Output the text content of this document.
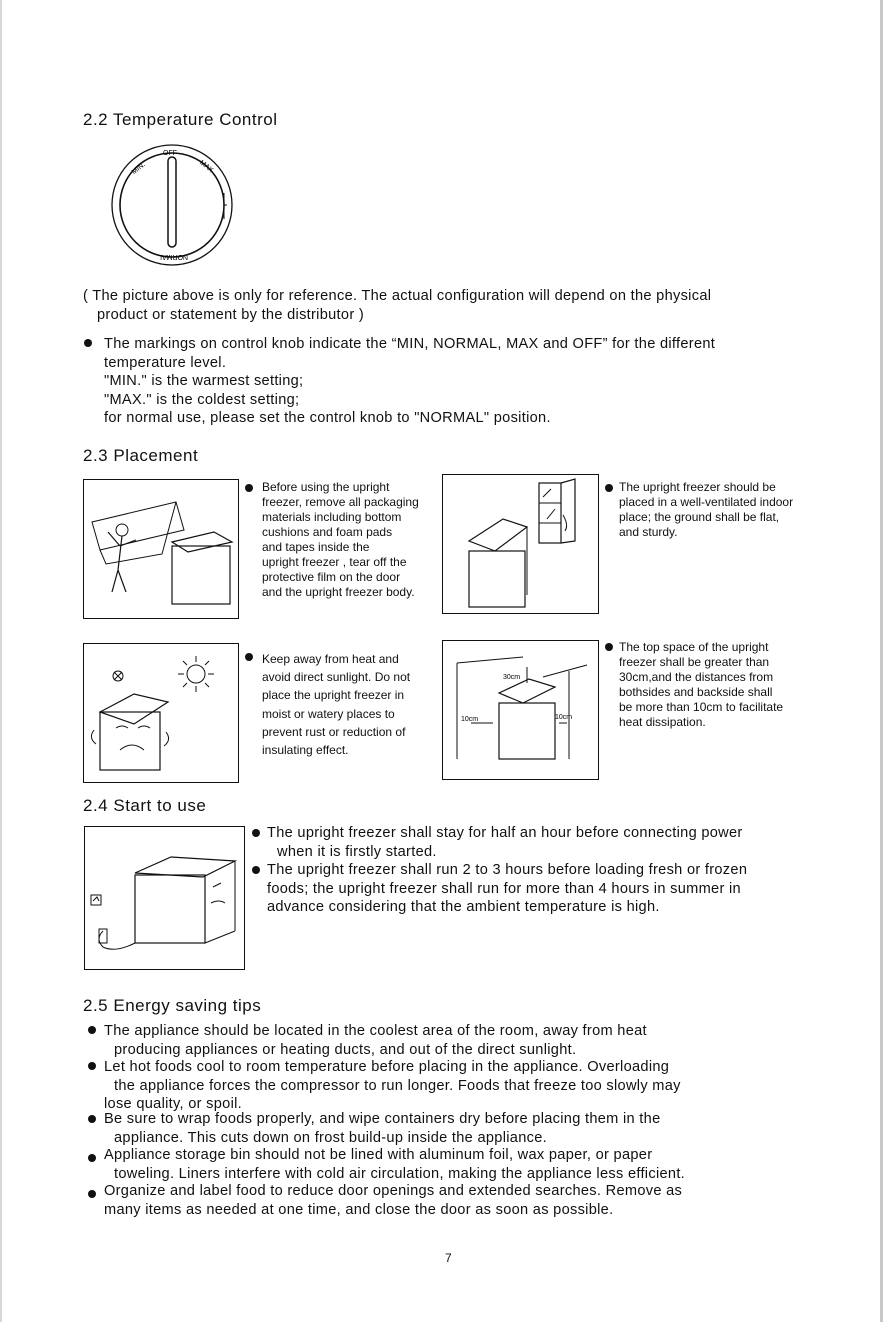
2.2 Temperature Control
OFF
MIN.	MAX
NORMAL
( The picture above is only for reference. The actual configuration will depend on the physical
product or statement by the distributor )
The markings on control knob indicate the “MIN, NORMAL, MAX and OFF” for the different
temperature level.
"MIN." is the warmest setting;
"MAX." is the coldest setting;
for normal use, please set the control knob to "NORMAL" position.
2.3 Placement
Before using the upright
freezer, remove all packaging
materials including bottom
cushions and foam pads
and tapes inside the
upright freezer , tear off the
protective film on the door
and the upright freezer body.
The upright freezer should be
placed in a well-ventilated indoor
place; the ground shall be flat,
and sturdy.
Keep away from heat and
avoid direct sunlight. Do not
place the upright freezer in
moist or watery places to
prevent rust or reduction of
insulating effect.
30cm
10cm	10cm
The top space of the upright
freezer shall be greater than
30cm,and the distances from
bothsides and backside shall
be more than 10cm to facilitate
heat dissipation.
2.4 Start to use
The upright freezer shall stay for half an hour before connecting power
when it is firstly started.
The upright freezer shall run 2 to 3 hours before loading fresh or frozen
foods; the upright freezer shall run for more than 4 hours in summer in
advance considering that the ambient temperature is high.
2.5 Energy saving tips
The appliance should be located in the coolest area of the room, away from heat
producing appliances or heating ducts, and out of the direct sunlight.
Let hot foods cool to room temperature before placing in the appliance. Overloading
the appliance forces the compressor to run longer. Foods that freeze too slowly may
lose quality, or spoil.
Be sure to wrap foods properly, and wipe containers dry before placing them in the
appliance. This cuts down on frost build-up inside the appliance.
Appliance storage bin should not be lined with aluminum foil, wax paper, or paper
toweling. Liners interfere with cold air circulation, making the appliance less efficient.
Organize and label food to reduce door openings and extended searches. Remove as
many items as needed at one time, and close the door as soon as possible.
7
